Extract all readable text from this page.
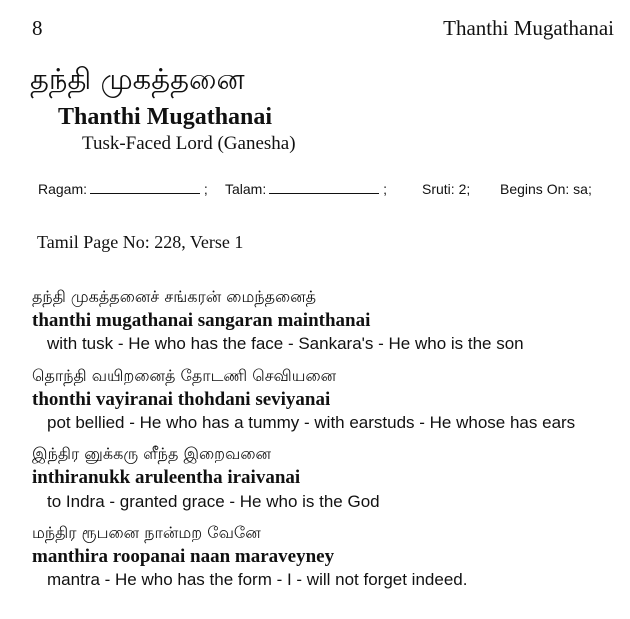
8	Thanthi Mugathanai
தந்தி முகத்தனை
Thanthi Mugathanai
Tusk-Faced Lord (Ganesha)
Ragam:	; Talam:	; Sruti: 2; Begins On: sa;
Tamil Page No: 228, Verse 1
தந்தி முகத்தனைச் சங்கரன் மைந்தனைத்
thanthi mugathanai sangaran mainthanai
with tusk - He who has the face - Sankara's - He who is the son
தொந்தி வயிறனைத் தோடணி செவியனை
thonthi vayiranai thohdani seviyanai
pot bellied - He who has a tummy - with earstuds - He whose has ears
இந்திர னுக்கரு ளீந்த இறைவனை
inthiranukk aruleentha iraivanai
to Indra - granted grace - He who is the God
மந்திர ரூபனை நான்மற வேனே
manthira roopanai naan maraveyney
mantra - He who has the form - I - will not forget indeed.
